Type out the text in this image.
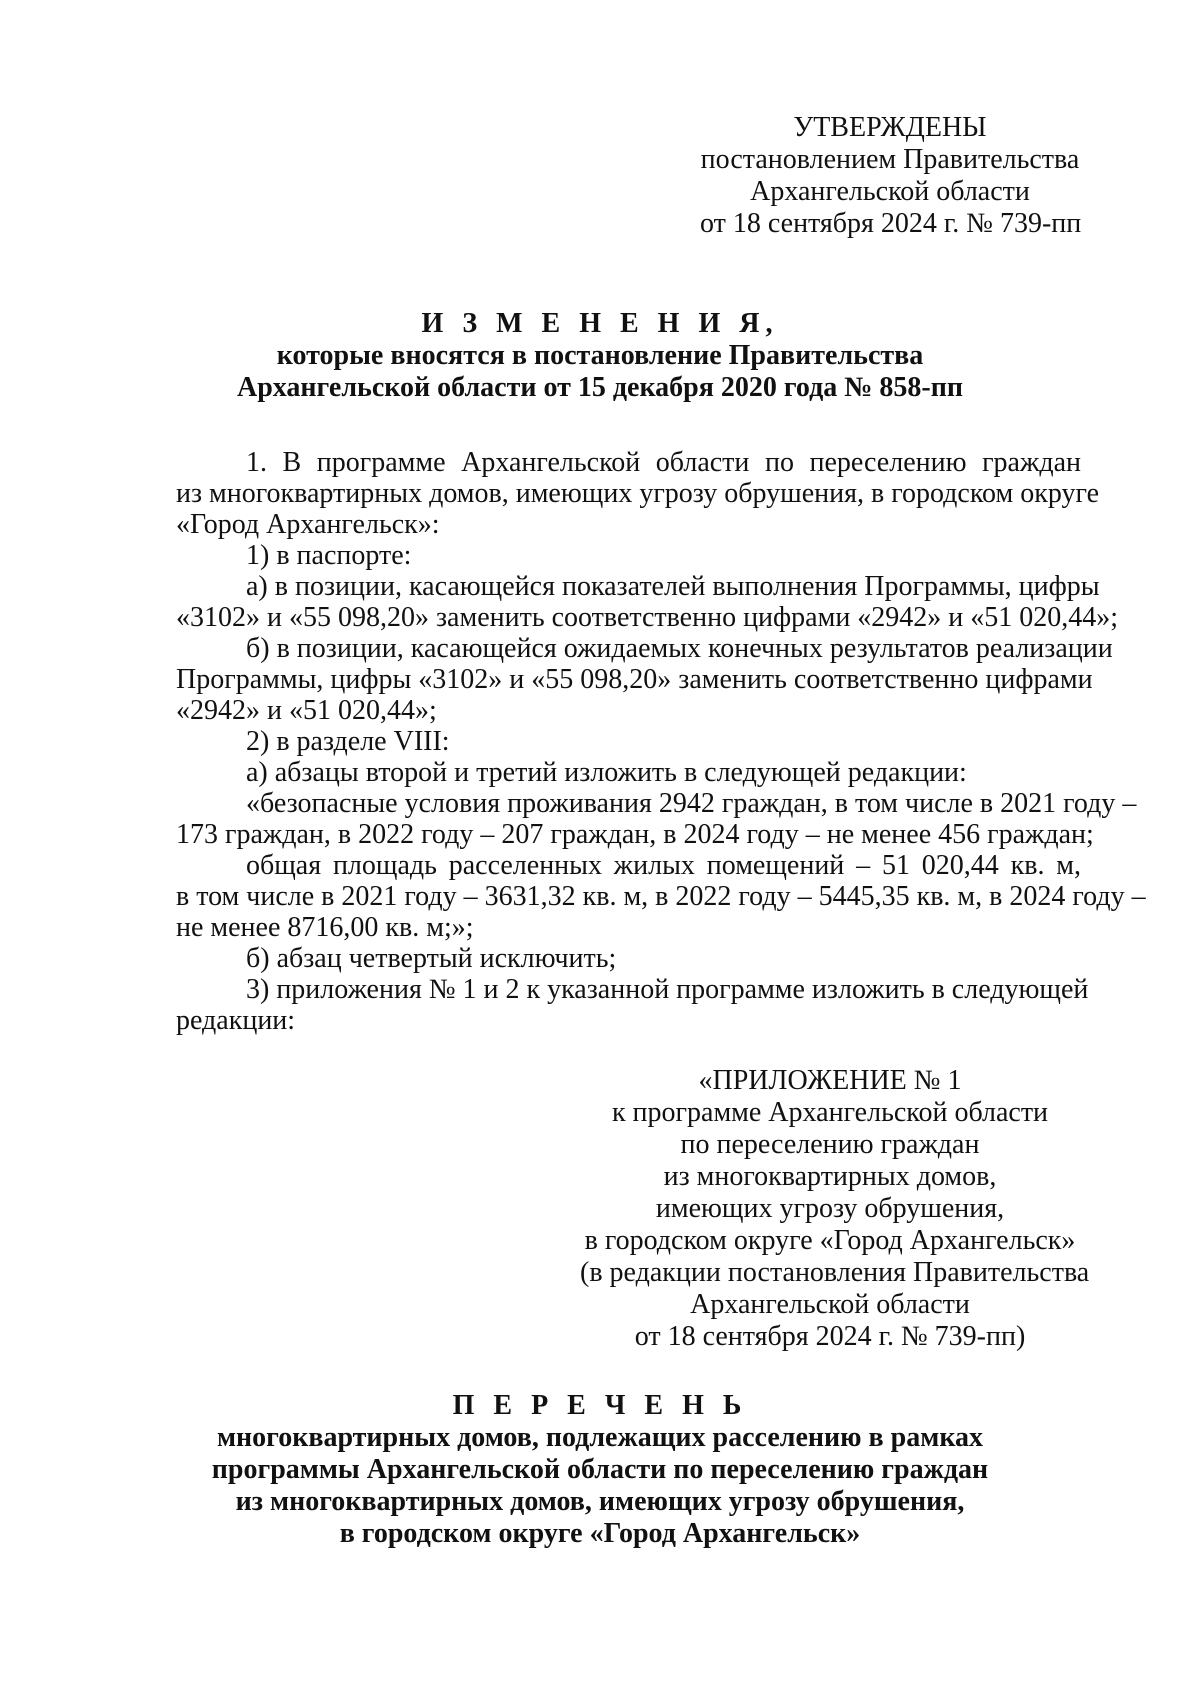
УТВЕРЖДЕНЫ
постановлением Правительства
Архангельской области
от 18 сентября 2024 г. № 739-пп
И З М Е Н Е Н И Я,
которые вносятся в постановление Правительства
Архангельской области от 15 декабря 2020 года № 858-пп
1. В программе Архангельской области по переселению граждан
из многоквартирных домов, имеющих угрозу обрушения, в городском округе
«Город Архангельск»:
1) в паспорте:
а) в позиции, касающейся показателей выполнения Программы, цифры
«3102» и «55 098,20» заменить соответственно цифрами «2942» и «51 020,44»;
б) в позиции, касающейся ожидаемых конечных результатов реализации
Программы, цифры «3102» и «55 098,20» заменить соответственно цифрами
«2942» и «51 020,44»;
2) в разделе VIII:
а) абзацы второй и третий изложить в следующей редакции:
«безопасные условия проживания 2942 граждан, в том числе в 2021 году –
173 граждан, в 2022 году – 207 граждан, в 2024 году – не менее 456 граждан;
общая площадь расселенных жилых помещений – 51 020,44 кв. м,
в том числе в 2021 году – 3631,32 кв. м, в 2022 году – 5445,35 кв. м, в 2024 году –
не менее 8716,00 кв. м;»;
б) абзац четвертый исключить;
3) приложения № 1 и 2 к указанной программе изложить в следующей
редакции:
«ПРИЛОЖЕНИЕ № 1
к программе Архангельской области
по переселению граждан
из многоквартирных домов,
имеющих угрозу обрушения,
в городском округе «Город Архангельск»
(в редакции постановления Правительства
Архангельской области
от 18 сентября 2024 г. № 739-пп)
П Е Р Е Ч Е Н Ь
многоквартирных домов, подлежащих расселению в рамках
программы Архангельской области по переселению граждан
из многоквартирных домов, имеющих угрозу обрушения,
в городском округе «Город Архангельск»
